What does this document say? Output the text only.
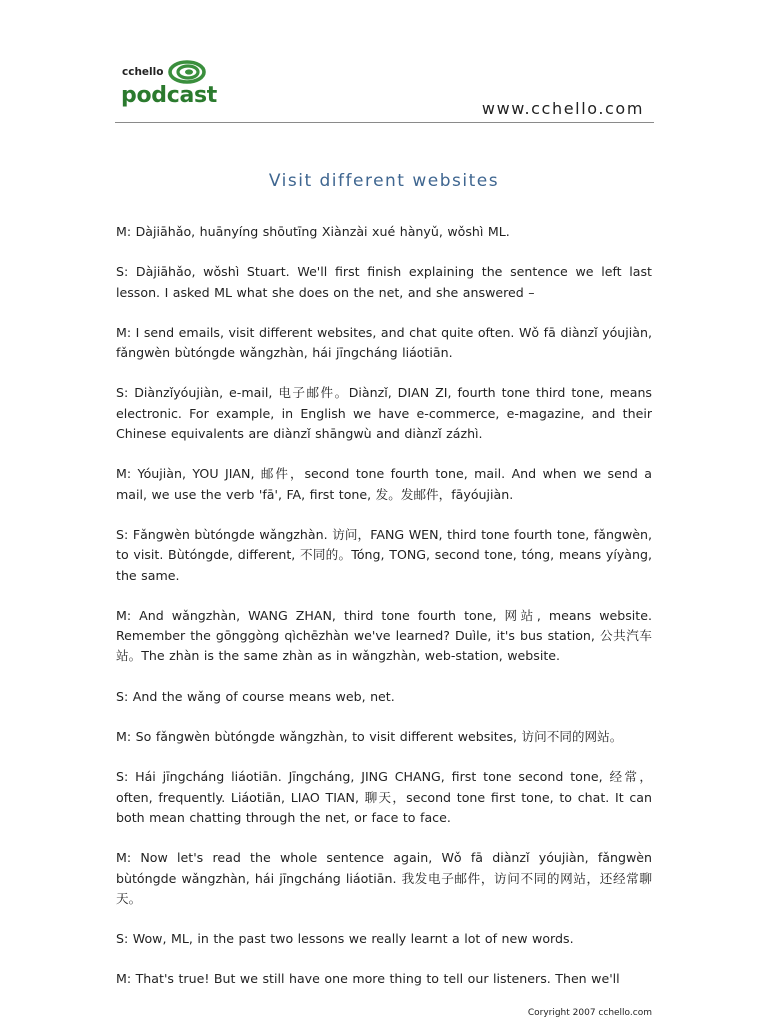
cchello
podcast
www.cchello.com
Visit different websites

M: Dàjiāhǎo, huānyíng shōutīng Xiànzài xué hànyǔ, wǒshì ML.

S: Dàjiāhǎo, wǒshì Stuart. We'll first finish explaining the sentence we left last lesson. I asked ML what she does on the net, and she answered –

M: I send emails, visit different websites, and chat quite often. Wǒ fā diànzǐ yóujiàn, fǎngwèn bùtóngde wǎngzhàn, hái jīngcháng liáotiān.

S: Diànzǐyóujiàn, e-mail, 电子邮件。Diànzǐ, DIAN ZI, fourth tone third tone, means electronic. For example, in English we have e-commerce, e-magazine, and their Chinese equivalents are diànzǐ shāngwù and diànzǐ zázhì.

M: Yóujiàn, YOU JIAN, 邮件，second tone fourth tone, mail. And when we send a mail, we use the verb 'fā', FA, first tone, 发。发邮件，fāyóujiàn.

S: Fǎngwèn bùtóngde wǎngzhàn. 访问，FANG WEN, third tone fourth tone, fǎngwèn, to visit. Bùtóngde, different, 不同的。Tóng, TONG, second tone, tóng, means yíyàng, the same.

M: And wǎngzhàn, WANG ZHAN, third tone fourth tone, 网站, means website. Remember the gōnggòng qìchēzhàn we've learned? Duìle, it's bus station, 公共汽车站。The zhàn is the same zhàn as in wǎngzhàn, web-station, website.

S: And the wǎng of course means web, net.

M: So fǎngwèn bùtóngde wǎngzhàn, to visit different websites, 访问不同的网站。

S: Hái jīngcháng liáotiān. Jīngcháng, JING CHANG, first tone second tone, 经常，often, frequently. Liáotiān, LIAO TIAN, 聊天，second tone first tone, to chat. It can both mean chatting through the net, or face to face.

M: Now let's read the whole sentence again, Wǒ fā diànzǐ yóujiàn, fǎngwèn bùtóngde wǎngzhàn, hái jīngcháng liáotiān. 我发电子邮件，访问不同的网站，还经常聊天。

S: Wow, ML, in the past two lessons we really learnt a lot of new words.

M: That's true! But we still have one more thing to tell our listeners. Then we'll

Coryright 2007 cchello.com
